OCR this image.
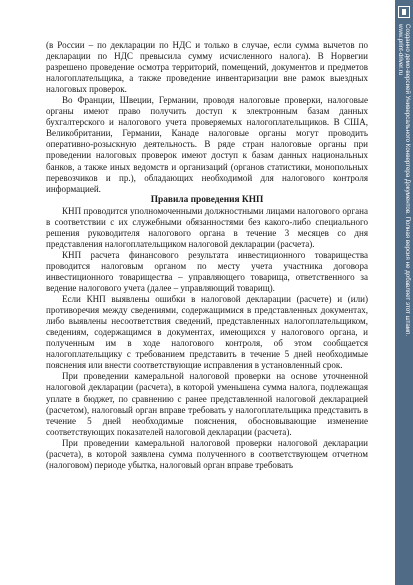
(в России – по декларации по НДС и только в случае, если сумма вычетов по декларации по НДС превысила сумму исчисленного налога). В Норвегии разрешено проведение осмотра территорий, помещений, документов и предметов налогоплательщика, а также проведение инвентаризации вне рамок выездных налоговых проверок.

Во Франции, Швеции, Германии, проводя налоговые проверки, налоговые органы имеют право получить доступ к электронным базам данных бухгалтерского и налогового учета проверяемых налогоплательщиков. В США, Великобритании, Германии, Канаде налоговые органы могут проводить оперативно-розыскную деятельность. В ряде стран налоговые органы при проведении налоговых проверок имеют доступ к базам данных национальных банков, а также иных ведомств и организаций (органов статистики, монопольных перевозчиков и пр.), обладающих необходимой для налогового контроля информацией.

Правила проведения КНП

КНП проводится уполномоченными должностными лицами налогового органа в соответствии с их служебными обязанностями без какого-либо специального решения руководителя налогового органа в течение 3 месяцев со дня представления налогоплательщиком налоговой декларации (расчета).

КНП расчета финансового результата инвестиционного товарищества проводится налоговым органом по месту учета участника договора инвестиционного товарищества – управляющего товарища, ответственного за ведение налогового учета (далее – управляющий товарищ).

Если КНП выявлены ошибки в налоговой декларации (расчете) и (или) противоречия между сведениями, содержащимися в представленных документах, либо выявлены несоответствия сведений, представленных налогоплательщиком, сведениям, содержащимся в документах, имеющихся у налогового органа, и полученным им в ходе налогового контроля, об этом сообщается налогоплательщику с требованием представить в течение 5 дней необходимые пояснения или внести соответствующие исправления в установленный срок.

При проведении камеральной налоговой проверки на основе уточненной налоговой декларации (расчета), в которой уменьшена сумма налога, подлежащая уплате в бюджет, по сравнению с ранее представленной налоговой декларацией (расчетом), налоговый орган вправе требовать у налогоплательщика представить в течение 5 дней необходимые пояснения, обосновывающие изменение соответствующих показателей налоговой декларации (расчета).

При проведении камеральной налоговой проверки налоговой декларации (расчета), в которой заявлена сумма полученного в соответствующем отчетном (налоговом) периоде убытка, налоговый орган вправе требовать

Созданно демо-версией Универсального Конвертера Документов. Полная версия не добавляет этот штамп.
www.print-driver.ru
